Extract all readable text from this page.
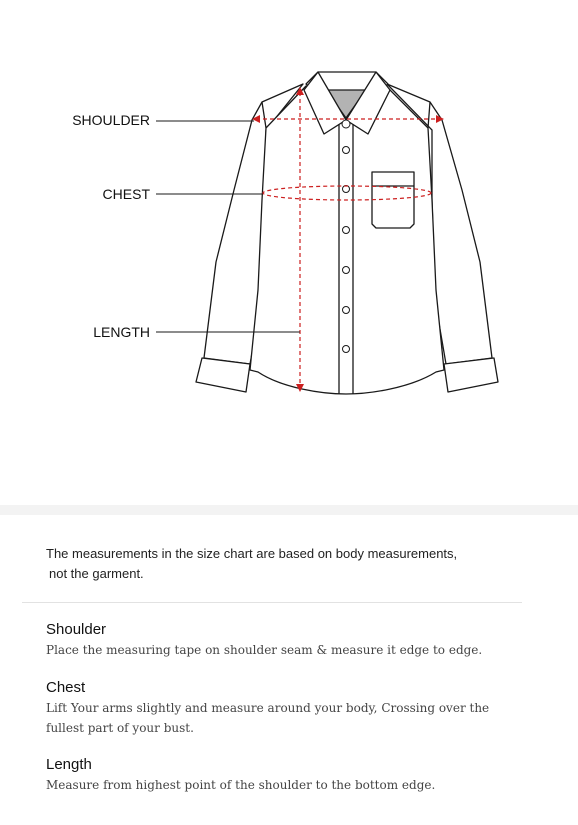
SHOULDER
CHEST
LENGTH
The measurements in the size chart are based on body measurements,
not the garment.
Shoulder
Place the measuring tape on shoulder seam & measure it edge to edge.
Chest
Lift Your arms slightly and measure around your body, Crossing over the fullest part of your bust.
Length
Measure from highest point of the shoulder to the bottom edge.
